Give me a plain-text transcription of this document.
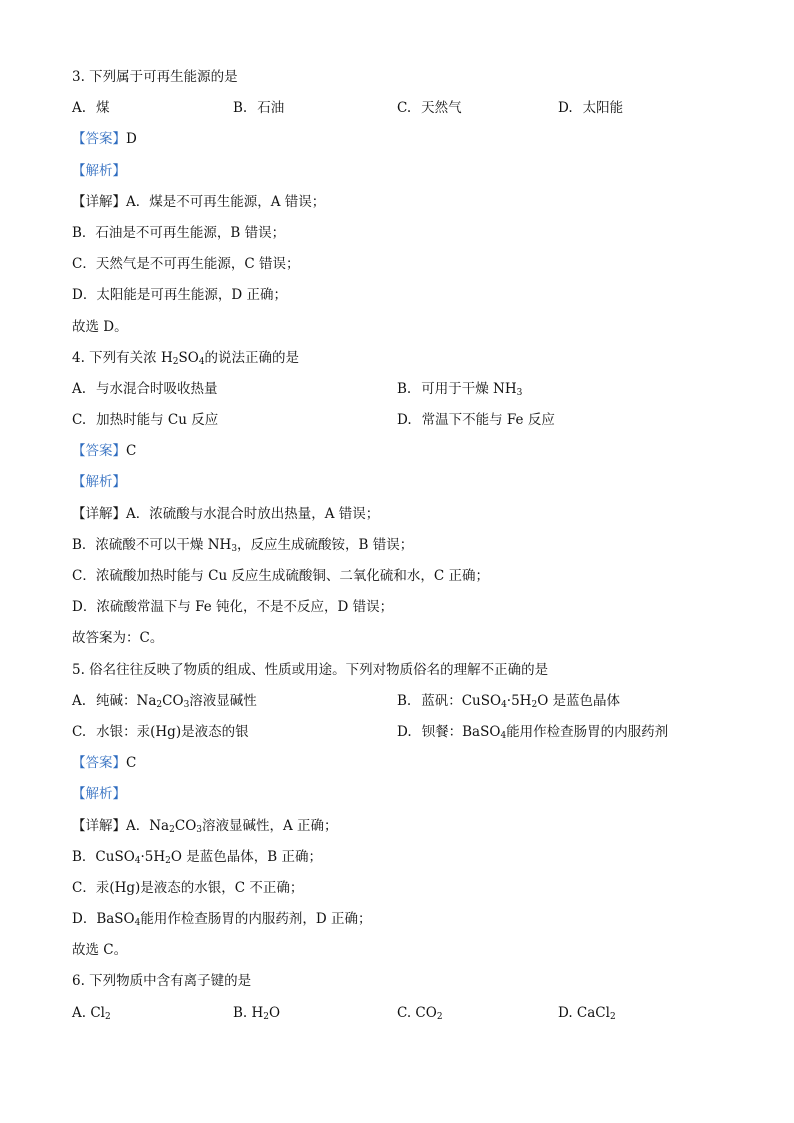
3. 下列属于可再生能源的是
A. 煤	B. 石油	C. 天然气	D. 太阳能
【答案】D
【解析】
【详解】A．煤是不可再生能源，A 错误；
B．石油是不可再生能源，B 错误；
C．天然气是不可再生能源，C 错误；
D．太阳能是可再生能源，D 正确；
故选 D。
4. 下列有关浓 $H_2SO_4$的说法正确的是
A. 与水混合时吸收热量	B. 可用于干燥 $NH_3$
C. 加热时能与 Cu 反应	D. 常温下不能与 Fe 反应
【答案】C
【解析】
【详解】A．浓硫酸与水混合时放出热量，A 错误；
B．浓硫酸不可以干燥 $NH_3$，反应生成硫酸铵，B 错误；
C．浓硫酸加热时能与 Cu 反应生成硫酸铜、二氧化硫和水，C 正确；
D．浓硫酸常温下与 Fe 钝化，不是不反应，D 错误；
故答案为：C。
5. 俗名往往反映了物质的组成、性质或用途。下列对物质俗名的理解不正确的是
A. 纯碱：$Na_2CO_3$溶液显碱性	B. 蓝矾：$CuSO_4\cdot 5H_2O$ 是蓝色晶体
C. 水银：汞(Hg)是液态的银	D. 钡餐：BaSO$_4$能用作检查肠胃的内服药剂
【答案】C
【解析】
【详解】A．$Na_2CO_3$溶液显碱性，A 正确；
B．$CuSO_4\cdot 5H_2O$ 是蓝色晶体，B 正确；
C．汞(Hg)是液态的水银，C 不正确；
D．BaSO$_4$能用作检查肠胃的内服药剂，D 正确；
故选 C。
6. 下列物质中含有离子键的是
A. $Cl_2$	B. $H_2O$	C. $CO_2$	D. CaCl$_2$
